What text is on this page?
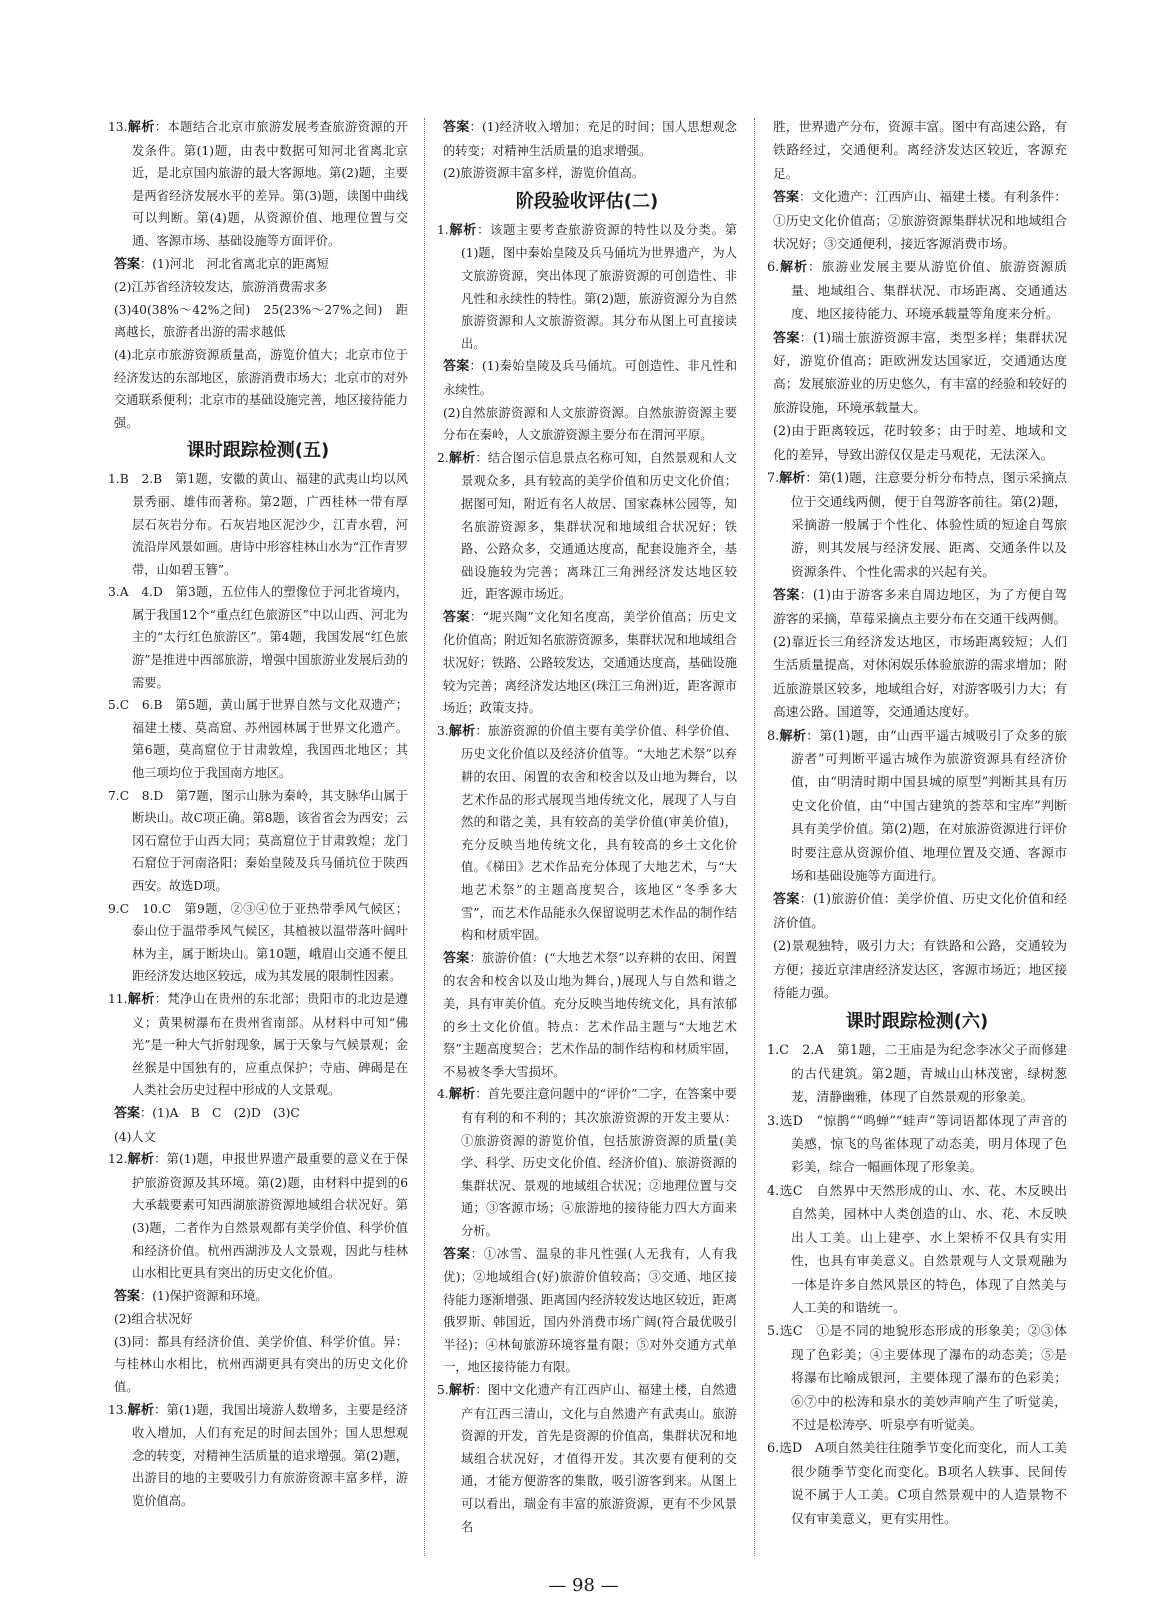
13.解析：本题结合北京市旅游发展考查旅游资源的开发条件。第(1)题，由表中数据可知河北省离北京近，是北京国内旅游的最大客源地。第(2)题，主要是两省经济发展水平的差异。第(3)题，读图中曲线可以判断。第(4)题，从资源价值、地理位置与交通、客源市场、基础设施等方面评价。
答案：(1)河北　河北省离北京的距离短
(2)江苏省经济较发达，旅游消费需求多
(3)40(38%～42%之间)　25(23%～27%之间)　距离越长，旅游者出游的需求越低
(4)北京市旅游资源质量高，游览价值大；北京市位于经济发达的东部地区，旅游消费市场大；北京市的对外交通联系便利；北京市的基础设施完善，地区接待能力强。
课时跟踪检测(五)
1.B　2.B　第1题，安徽的黄山、福建的武夷山均以风景秀丽、雄伟而著称。第2题，广西桂林一带有厚层石灰岩分布。石灰岩地区泥沙少，江青水碧，河流沿岸风景如画。唐诗中形容桂林山水为“江作青罗带，山如碧玉簪”。
3.A　4.D　第3题，五位伟人的塑像位于河北省境内，属于我国12个“重点红色旅游区”中以山西、河北为主的“太行红色旅游区”。第4题，我国发展“红色旅游”是推进中西部旅游，增强中国旅游业发展后劲的需要。
5.C　6.B　第5题，黄山属于世界自然与文化双遗产；福建土楼、莫高窟、苏州园林属于世界文化遗产。第6题，莫高窟位于甘肃敦煌，我国西北地区；其他三项均位于我国南方地区。
7.C　8.D　第7题，图示山脉为秦岭，其支脉华山属于断块山。故C项正确。第8题，该省省会为西安；云冈石窟位于山西大同；莫高窟位于甘肃敦煌；龙门石窟位于河南洛阳；秦始皇陵及兵马俑坑位于陕西西安。故选D项。
9.C　10.C　第9题，②③④位于亚热带季风气候区；泰山位于温带季风气候区，其植被以温带落叶阔叶林为主，属于断块山。第10题，峨眉山交通不便且距经济发达地区较远，成为其发展的限制性因素。
11.解析：梵净山在贵州的东北部；贵阳市的北边是遵义；黄果树瀑布在贵州省南部。从材料中可知“佛光”是一种大气折射现象，属于天象与气候景观；金丝猴是中国独有的，应重点保护；寺庙、碑碣是在人类社会历史过程中形成的人文景观。
答案：(1)A　B　C　(2)D　(3)C
(4)人文
12.解析：第(1)题，申报世界遗产最重要的意义在于保护旅游资源及其环境。第(2)题，由材料中提到的6大承载要素可知西湖旅游资源地域组合状况好。第(3)题，二者作为自然景观都有美学价值、科学价值和经济价值。杭州西湖涉及人文景观，因此与桂林山水相比更具有突出的历史文化价值。
答案：(1)保护资源和环境。
(2)组合状况好
(3)同：都具有经济价值、美学价值、科学价值。异：与桂林山水相比，杭州西湖更具有突出的历史文化价值。
13.解析：第(1)题，我国出境游人数增多，主要是经济收入增加，人们有充足的时间去国外；国人思想观念的转变，对精神生活质量的追求增强。第(2)题，出游目的地的主要吸引力有旅游资源丰富多样，游览价值高。
答案：(1)经济收入增加；充足的时间；国人思想观念的转变；对精神生活质量的追求增强。
(2)旅游资源丰富多样，游览价值高。
阶段验收评估(二)
1.解析：该题主要考查旅游资源的特性以及分类。第(1)题，图中秦始皇陵及兵马俑坑为世界遗产，为人文旅游资源，突出体现了旅游资源的可创造性、非凡性和永续性的特性。第(2)题，旅游资源分为自然旅游资源和人文旅游资源。其分布从图上可直接读出。
答案：(1)秦始皇陵及兵马俑坑。可创造性、非凡性和永续性。
(2)自然旅游资源和人文旅游资源。自然旅游资源主要分布在秦岭，人文旅游资源主要分布在渭河平原。
2.解析：结合图示信息景点名称可知，自然景观和人文景观众多，具有较高的美学价值和历史文化价值；据图可知，附近有名人故居、国家森林公园等，知名旅游资源多，集群状况和地域组合状况好；铁路、公路众多，交通通达度高，配套设施齐全，基础设施较为完善；离珠江三角洲经济发达地区较近，距客源市场近。
答案：“坭兴陶”文化知名度高，美学价值高；历史文化价值高；附近知名旅游资源多，集群状况和地域组合状况好；铁路、公路较发达，交通通达度高，基础设施较为完善；离经济发达地区(珠江三角洲)近，距客源市场近；政策支持。
3.解析：旅游资源的价值主要有美学价值、科学价值、历史文化价值以及经济价值等。“大地艺术祭”以弃耕的农田、闲置的农舍和校舍以及山地为舞台，以艺术作品的形式展现当地传统文化，展现了人与自然的和谐之美，具有较高的美学价值(审美价值)，充分反映当地传统文化，具有较高的乡土文化价值。《梯田》艺术作品充分体现了大地艺术，与“大地艺术祭”的主题高度契合，该地区“冬季多大雪”，而艺术作品能永久保留说明艺术作品的制作结构和材质牢固。
答案：旅游价值：(“大地艺术祭”以弃耕的农田、闲置的农舍和校舍以及山地为舞台，)展现人与自然和谐之美，具有审美价值。充分反映当地传统文化，具有浓郁的乡土文化价值。特点：艺术作品主题与“大地艺术祭”主题高度契合；艺术作品的制作结构和材质牢固，不易被冬季大雪损坏。
4.解析：首先要注意问题中的“评价”二字，在答案中要有有利的和不利的；其次旅游资源的开发主要从：①旅游资源的游览价值，包括旅游资源的质量(美学、科学、历史文化价值、经济价值)、旅游资源的集群状况、景观的地域组合状况；②地理位置与交通；③客源市场；④旅游地的接待能力四大方面来分析。
答案：①冰雪、温泉的非凡性强(人无我有，人有我优)；②地域组合(好)旅游价值较高；③交通、地区接待能力逐渐增强、距离国内经济较发达地区较近，距离俄罗斯、韩国近，国内外消费市场广阔(符合最优吸引半径)；④林甸旅游环境容量有限；⑤对外交通方式单一，地区接待能力有限。
5.解析：图中文化遗产有江西庐山、福建土楼，自然遗产有江西三清山，文化与自然遗产有武夷山。旅游资源的开发，首先是资源的价值高，集群状况和地域组合状况好，才值得开发。其次要有便利的交通，才能方便游客的集散，吸引游客到来。从图上可以看出，瑞金有丰富的旅游资源，更有不少风景名
胜，世界遗产分布，资源丰富。图中有高速公路，有铁路经过，交通便利。离经济发达区较近，客源充足。
答案：文化遗产：江西庐山、福建土楼。有利条件：①历史文化价值高；②旅游资源集群状况和地域组合状况好；③交通便利，接近客源消费市场。
6.解析：旅游业发展主要从游览价值、旅游资源质量、地域组合、集群状况、市场距离、交通通达度、地区接待能力、环境承载量等角度来分析。
答案：(1)瑞士旅游资源丰富，类型多样；集群状况好，游览价值高；距欧洲发达国家近，交通通达度高；发展旅游业的历史悠久，有丰富的经验和较好的旅游设施，环境承载量大。
(2)由于距离较远，花时较多；由于时差、地域和文化的差异，导致出游仅仅是走马观花，无法深入。
7.解析：第(1)题，注意要分析分布特点，图示采摘点位于交通线两侧，便于自驾游客前往。第(2)题，采摘游一般属于个性化、体验性质的短途自驾旅游，则其发展与经济发展、距离、交通条件以及资源条件、个性化需求的兴起有关。
答案：(1)由于游客多来自周边地区，为了方便自驾游客的采摘，草莓采摘点主要分布在交通干线两侧。
(2)靠近长三角经济发达地区，市场距离较短；人们生活质量提高，对休闲娱乐体验旅游的需求增加；附近旅游景区较多，地域组合好，对游客吸引力大；有高速公路、国道等，交通通达度好。
8.解析：第(1)题，由“山西平遥古城吸引了众多的旅游者”可判断平遥古城作为旅游资源具有经济价值，由“明清时期中国县城的原型”判断其具有历史文化价值，由“中国古建筑的荟萃和宝库”判断具有美学价值。第(2)题，在对旅游资源进行评价时要注意从资源价值、地理位置及交通、客源市场和基础设施等方面进行。
答案：(1)旅游价值：美学价值、历史文化价值和经济价值。
(2)景观独特，吸引力大；有铁路和公路，交通较为方便；接近京津唐经济发达区，客源市场近；地区接待能力强。
课时跟踪检测(六)
1.C　2.A　第1题，二王庙是为纪念李冰父子而修建的古代建筑。第2题，青城山山林茂密，绿树葱茏，清静幽雅，体现了自然景观的形象美。
3.选D　“惊鹊”“鸣蝉”“蛙声”等词语都体现了声音的美感，惊飞的鸟雀体现了动态美，明月体现了色彩美，综合一幅画体现了形象美。
4.选C　自然界中天然形成的山、水、花、木反映出自然美，园林中人类创造的山、水、花、木反映出人工美。山上建亭、水上架桥不仅具有实用性，也具有审美意义。自然景观与人文景观融为一体是许多自然风景区的特色，体现了自然美与人工美的和谐统一。
5.选C　①是不同的地貌形态形成的形象美；②③体现了色彩美；④主要体现了瀑布的动态美；⑤是将瀑布比喻成银河，主要体现了瀑布的色彩美；⑥⑦中的松涛和泉水的美妙声响产生了听觉美，不过是松涛亭、听泉亭有听觉美。
6.选D　A项自然美往往随季节变化而变化，而人工美很少随季节变化而变化。B项名人轶事、民间传说不属于人工美。C项自然景观中的人造景物不仅有审美意义，更有实用性。
— 98 —
